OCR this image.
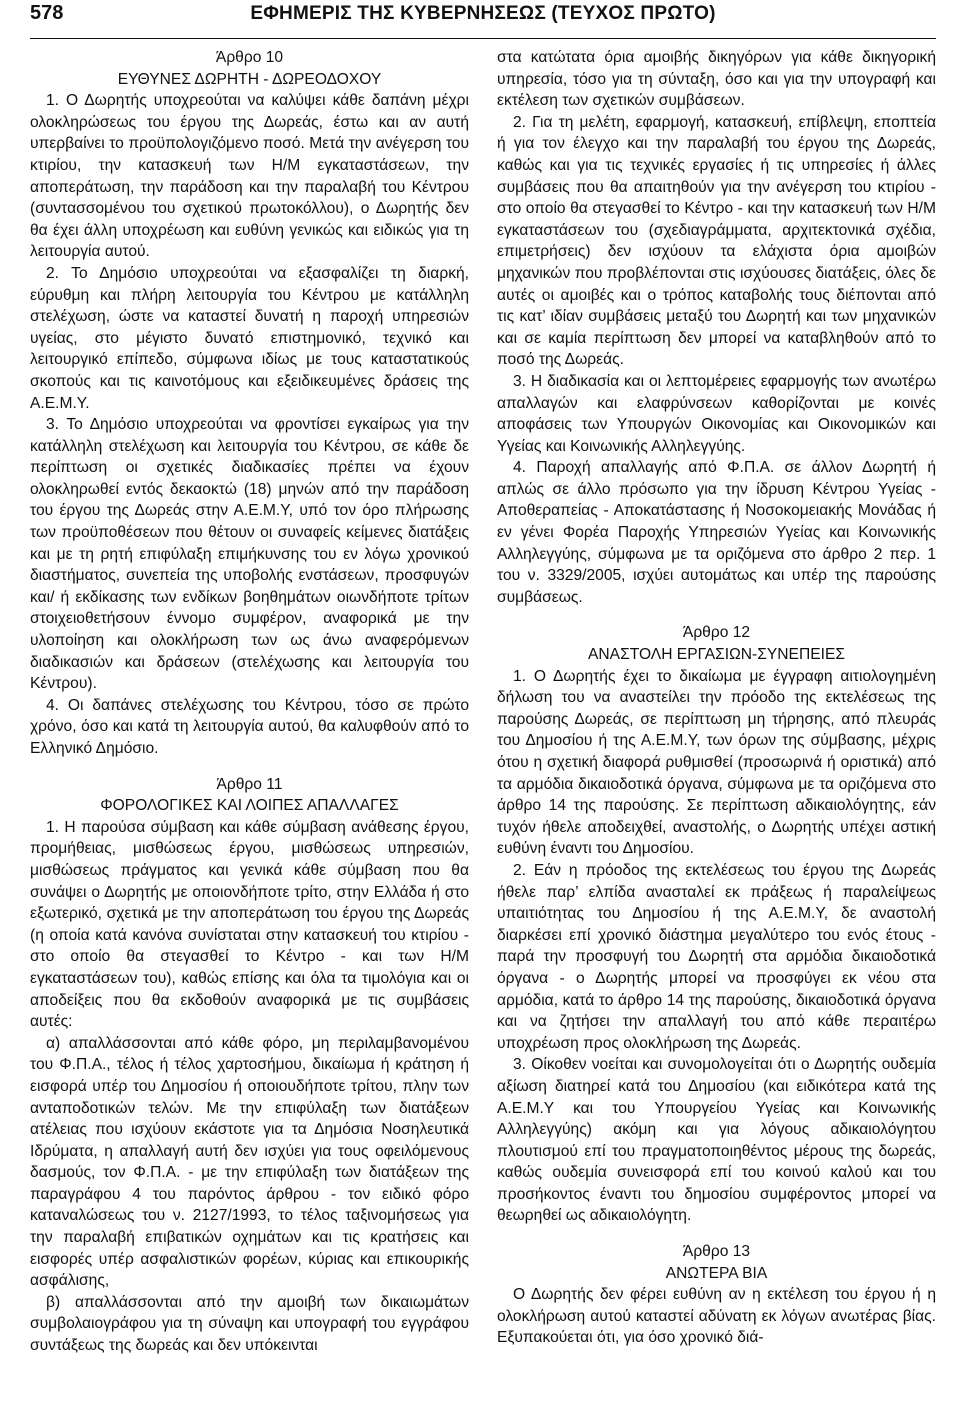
578	ΕΦΗΜΕΡΙΣ ΤΗΣ ΚΥΒΕΡΝΗΣΕΩΣ (ΤΕΥΧΟΣ ΠΡΩΤΟ)
Άρθρο 10
ΕΥΘΥΝΕΣ ΔΩΡΗΤΗ - ΔΩΡΕΟΔΟΧΟΥ

1. Ο Δωρητής υποχρεούται να καλύψει κάθε δαπάνη μέχρι ολοκληρώσεως του έργου της Δωρεάς, έστω και αν αυτή υπερβαίνει το προϋπολογιζόμενο ποσό. Μετά την ανέγερση του κτιρίου, την κατασκευή των Η/Μ εγκαταστάσεων, την αποπεράτωση, την παράδοση και την παραλαβή του Κέντρου (συντασσομένου του σχετικού πρωτοκόλλου), ο Δωρητής δεν θα έχει άλλη υποχρέωση και ευθύνη γενικώς και ειδικώς για τη λειτουργία αυτού.

2. Το Δημόσιο υποχρεούται να εξασφαλίζει τη διαρκή, εύρυθμη και πλήρη λειτουργία του Κέντρου με κατάλληλη στελέχωση, ώστε να καταστεί δυνατή η παροχή υπηρεσιών υγείας, στο μέγιστο δυνατό επιστημονικό, τεχνικό και λειτουργικό επίπεδο, σύμφωνα ιδίως με τους καταστατικούς σκοπούς και τις καινοτόμους και εξειδικευμένες δράσεις της Α.Ε.Μ.Υ.

3. Το Δημόσιο υποχρεούται να φροντίσει εγκαίρως για την κατάλληλη στελέχωση και λειτουργία του Κέντρου, σε κάθε δε περίπτωση οι σχετικές διαδικασίες πρέπει να έχουν ολοκληρωθεί εντός δεκαοκτώ (18) μηνών από την παράδοση του έργου της Δωρεάς στην Α.Ε.Μ.Υ, υπό τον όρο πλήρωσης των προϋποθέσεων που θέτουν οι συναφείς κείμενες διατάξεις και με τη ρητή επιφύλαξη επιμήκυνσης του εν λόγω χρονικού διαστήματος, συνεπεία της υποβολής ενστάσεων, προσφυγών και/ ή εκδίκασης των ενδίκων βοηθημάτων οιωνδήποτε τρίτων στοιχειοθετήσουν έννομο συμφέρον, αναφορικά με την υλοποίηση και ολοκλήρωση των ως άνω αναφερόμενων διαδικασιών και δράσεων (στελέχωσης και λειτουργία του Κέντρου).

4. Οι δαπάνες στελέχωσης του Κέντρου, τόσο σε πρώτο χρόνο, όσο και κατά τη λειτουργία αυτού, θα καλυφθούν από το Ελληνικό Δημόσιο.

Άρθρο 11
ΦΟΡΟΛΟΓΙΚΕΣ ΚΑΙ ΛΟΙΠΕΣ ΑΠΑΛΛΑΓΕΣ

1. Η παρούσα σύμβαση και κάθε σύμβαση ανάθεσης έργου, προμήθειας, μισθώσεως έργου, μισθώσεως υπηρεσιών, μισθώσεως πράγματος και γενικά κάθε σύμβαση που θα συνάψει ο Δωρητής με οποιονδήποτε τρίτο, στην Ελλάδα ή στο εξωτερικό, σχετικά με την αποπεράτωση του έργου της Δωρεάς (η οποία κατά κανόνα συνίσταται στην κατασκευή του κτιρίου - στο οποίο θα στεγασθεί το Κέντρο - και των Η/Μ εγκαταστάσεων του), καθώς επίσης και όλα τα τιμολόγια και οι αποδείξεις που θα εκδοθούν αναφορικά με τις συμβάσεις αυτές:

α) απαλλάσσονται από κάθε φόρο, μη περιλαμβανομένου του Φ.Π.Α., τέλος ή τέλος χαρτοσήμου, δικαίωμα ή κράτηση ή εισφορά υπέρ του Δημοσίου ή οποιουδήποτε τρίτου, πλην των ανταποδοτικών τελών. Με την επιφύλαξη των διατάξεων ατέλειας που ισχύουν εκάστοτε για τα Δημόσια Νοσηλευτικά Ιδρύματα, η απαλλαγή αυτή δεν ισχύει για τους οφειλόμενους δασμούς, τον Φ.Π.Α. - με την επιφύλαξη των διατάξεων της παραγράφου 4 του παρόντος άρθρου - τον ειδικό φόρο καταναλώσεως του ν. 2127/1993, το τέλος ταξινομήσεως για την παραλαβή επιβατικών οχημάτων και τις κρατήσεις και εισφορές υπέρ ασφαλιστικών φορέων, κύριας και επικουρικής ασφάλισης,

β) απαλλάσσονται από την αμοιβή των δικαιωμάτων συμβολαιογράφου για τη σύναψη και υπογραφή του εγγράφου συντάξεως της δωρεάς και δεν υπόκεινται

στα κατώτατα όρια αμοιβής δικηγόρων για κάθε δικηγορική υπηρεσία, τόσο για τη σύνταξη, όσο και για την υπογραφή και εκτέλεση των σχετικών συμβάσεων.

2. Για τη μελέτη, εφαρμογή, κατασκευή, επίβλεψη, εποπτεία ή για τον έλεγχο και την παραλαβή του έργου της Δωρεάς, καθώς και για τις τεχνικές εργασίες ή τις υπηρεσίες ή άλλες συμβάσεις που θα απαιτηθούν για την ανέγερση του κτιρίου - στο οποίο θα στεγασθεί το Κέντρο - και την κατασκευή των Η/Μ εγκαταστάσεων του (σχεδιαγράμματα, αρχιτεκτονικά σχέδια, επιμετρήσεις) δεν ισχύουν τα ελάχιστα όρια αμοιβών μηχανικών που προβλέπονται στις ισχύουσες διατάξεις, όλες δε αυτές οι αμοιβές και ο τρόπος καταβολής τους διέπονται από τις κατ’ ιδίαν συμβάσεις μεταξύ του Δωρητή και των μηχανικών και σε καμία περίπτωση δεν μπορεί να καταβληθούν από το ποσό της Δωρεάς.

3. Η διαδικασία και οι λεπτομέρειες εφαρμογής των ανωτέρω απαλλαγών και ελαφρύνσεων καθορίζονται με κοινές αποφάσεις των Υπουργών Οικονομίας και Οικονομικών και Υγείας και Κοινωνικής Αλληλεγγύης.

4. Παροχή απαλλαγής από Φ.Π.Α. σε άλλον Δωρητή ή απλώς σε άλλο πρόσωπο για την ίδρυση Κέντρου Υγείας - Αποθεραπείας - Αποκατάστασης ή Νοσοκομειακής Μονάδας ή εν γένει Φορέα Παροχής Υπηρεσιών Υγείας και Κοινωνικής Αλληλεγγύης, σύμφωνα με τα οριζόμενα στο άρθρο 2 περ. 1 του ν. 3329/2005, ισχύει αυτομάτως και υπέρ της παρούσης συμβάσεως.

Άρθρο 12
ΑΝΑΣΤΟΛΗ ΕΡΓΑΣΙΩΝ-ΣΥΝΕΠΕΙΕΣ

1. Ο Δωρητής έχει το δικαίωμα με έγγραφη αιτιολογημένη δήλωση του να αναστείλει την πρόοδο της εκτελέσεως της παρούσης Δωρεάς, σε περίπτωση μη τήρησης, από πλευράς του Δημοσίου ή της Α.Ε.Μ.Υ, των όρων της σύμβασης, μέχρις ότου η σχετική διαφορά ρυθμισθεί (προσωρινά ή οριστικά) από τα αρμόδια δικαιοδοτικά όργανα, σύμφωνα με τα οριζόμενα στο άρθρο 14 της παρούσης. Σε περίπτωση αδικαιολόγητης, εάν τυχόν ήθελε αποδειχθεί, αναστολής, ο Δωρητής υπέχει αστική ευθύνη έναντι του Δημοσίου.

2. Εάν η πρόοδος της εκτελέσεως του έργου της Δωρεάς ήθελε παρ’ ελπίδα ανασταλεί εκ πράξεως ή παραλείψεως υπαιτιότητας του Δημοσίου ή της Α.Ε.Μ.Υ, δε αναστολή διαρκέσει επί χρονικό διάστημα μεγαλύτερο του ενός έτους - παρά την προσφυγή του Δωρητή στα αρμόδια δικαιοδοτικά όργανα - ο Δωρητής μπορεί να προσφύγει εκ νέου στα αρμόδια, κατά το άρθρο 14 της παρούσης, δικαιοδοτικά όργανα και να ζητήσει την απαλλαγή του από κάθε περαιτέρω υποχρέωση προς ολοκλήρωση της Δωρεάς.

3. Οίκοθεν νοείται και συνομολογείται ότι ο Δωρητής ουδεμία αξίωση διατηρεί κατά του Δημοσίου (και ειδικότερα κατά της Α.Ε.Μ.Υ και του Υπουργείου Υγείας και Κοινωνικής Αλληλεγγύης) ακόμη και για λόγους αδικαιολόγητου πλουτισμού επί του πραγματοποιηθέντος μέρους της δωρεάς, καθώς ουδεμία συνεισφορά επί του κοινού καλού και του προσήκοντος έναντι του δημοσίου συμφέροντος μπορεί να θεωρηθεί ως αδικαιολόγητη.

Άρθρο 13
ΑΝΩΤΕΡΑ ΒΙΑ

Ο Δωρητής δεν φέρει ευθύνη αν η εκτέλεση του έργου ή η ολοκλήρωση αυτού καταστεί αδύνατη εκ λόγων ανωτέρας βίας. Εξυπακούεται ότι, για όσο χρονικό διά-
